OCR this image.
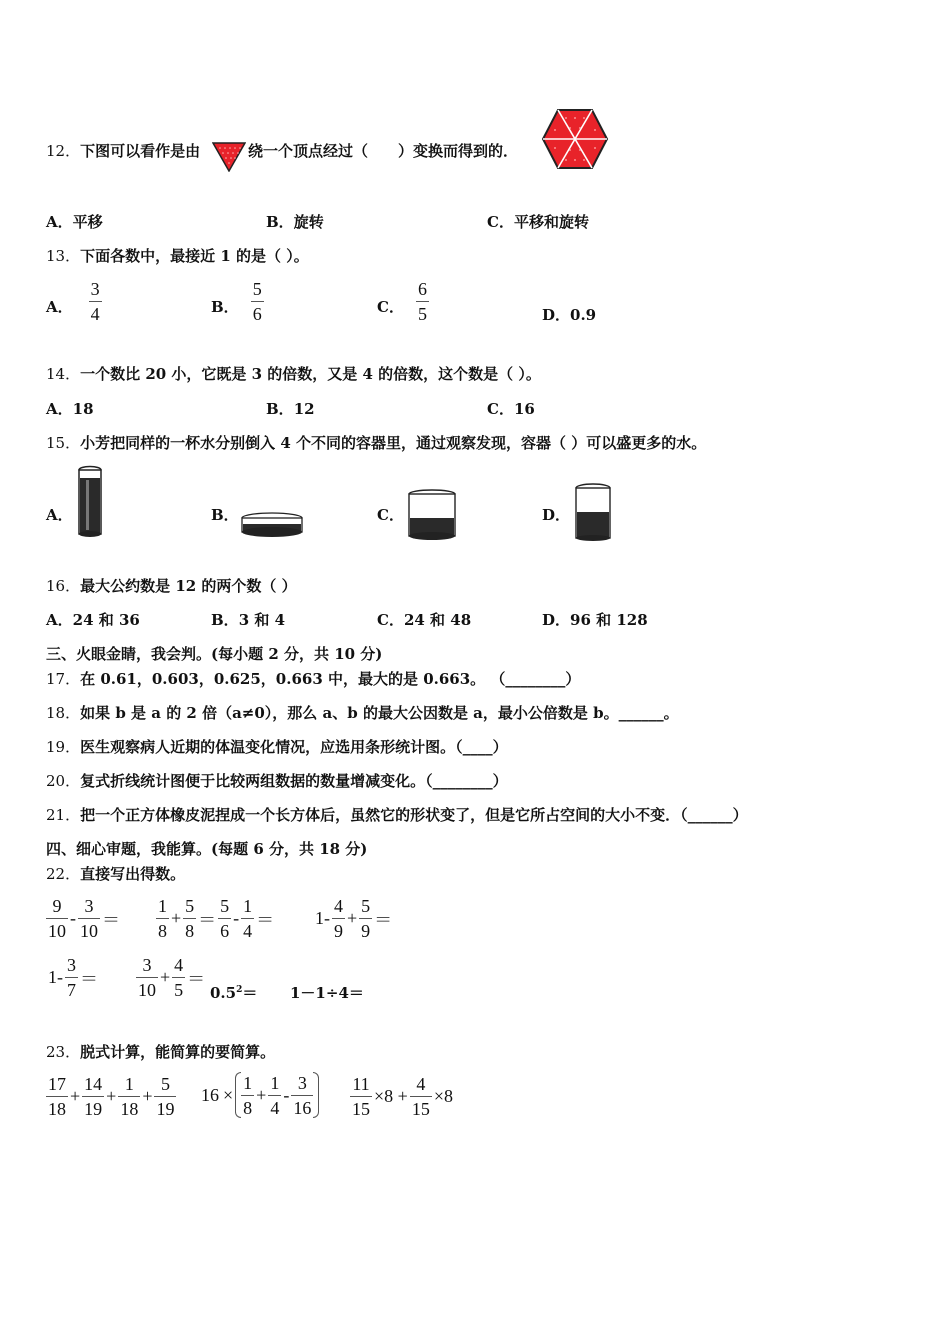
12．下图可以看作是由	绕一个顶点经过（　　）变换而得到的．
A．平移	B．旋转	C．平移和旋转
13．下面各数中，最接近 1 的是（ ）。
A． $\frac{3}{4}$	B． $\frac{5}{6}$	C． $\frac{6}{5}$	D．0.9
14．一个数比 20 小，它既是 3 的倍数，又是 4 的倍数，这个数是（ ）。
A．18	B．12	C．16
15．小芳把同样的一杯水分别倒入 4 个不同的容器里，通过观察发现，容器（ ）可以盛更多的水。
A．	B．	C．	D．
16．最大公约数是 12 的两个数（ ）
A．24 和 36	B．3 和 4	C．24 和 48	D．96 和 128
三、火眼金睛，我会判。(每小题 2 分，共 10 分)
17．在 0.61，0.603，0.625，0.663 中，最大的是 0.663。 （________）
18．如果 b 是 a 的 2 倍（a≠0），那么 a、b 的最大公因数是 a，最小公倍数是 b。______。
19．医生观察病人近期的体温变化情况，应选用条形统计图。（____）
20．复式折线统计图便于比较两组数据的数量增减变化。（________）
21．把一个正方体橡皮泥捏成一个长方体后，虽然它的形状变了，但是它所占空间的大小不变．（______）
四、细心审题，我能算。(每题 6 分，共 18 分)
22．直接写出得数。
$\frac{9}{10} - \frac{3}{10} = \frac{1}{8} + \frac{5}{8} = \frac{5}{6} - \frac{1}{4} = 1- \frac{4}{9} + \frac{5}{9}$ ＝
$1- \frac{3}{7} = \frac{3}{10} + \frac{4}{5}$ ＝
$0.5^2= 1-1\div 4=$
23．脱式计算，能简算的要简算。
$\frac{17}{18} + \frac{14}{19} + \frac{1}{18} + \frac{5}{19} 16 \times \frac{1}{8} + \frac{1}{4} - \frac{3}{16} \frac{11}{15} \times 8 + \frac{4}{15} \times 8$
